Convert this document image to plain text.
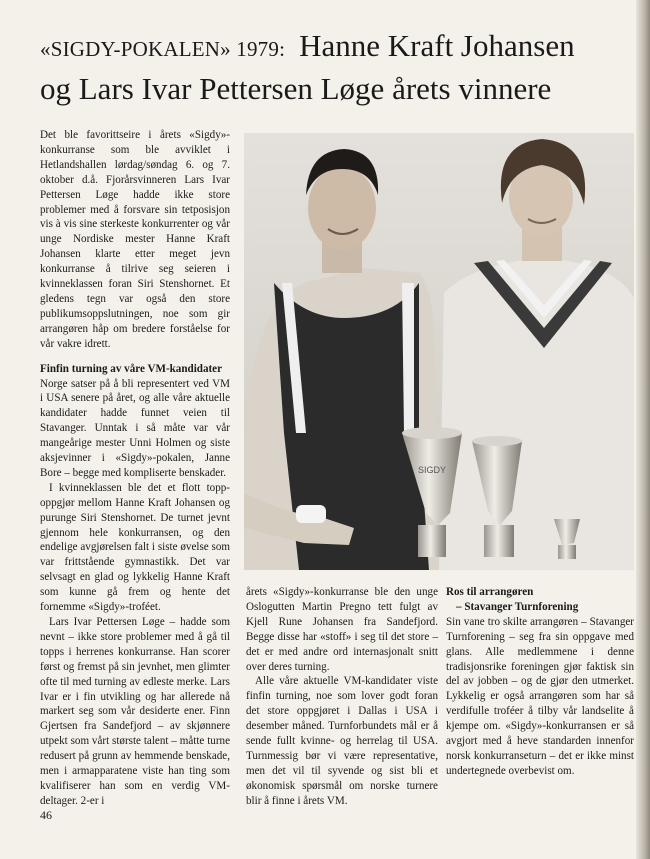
«SIGDY-POKALEN» 1979: Hanne Kraft Johansen
og Lars Ivar Pettersen Løge årets vinnere

Det ble favorittseire i årets «Sigdy»-konkurranse som ble avviklet i Hetlandshallen lørdag/søndag 6. og 7. oktober d.å. Fjorårsvinneren Lars Ivar Pettersen Løge hadde ikke store problemer med å forsvare sin tetposisjon vis à vis sine sterkeste konkurrenter og vår unge Nordiske mester Hanne Kraft Johansen klarte etter meget jevn konkurranse å tilrive seg seieren i kvinneklassen foran Siri Stenshornet. Et gledens tegn var også den store publikumsoppslutningen, noe som gir arrangøren håp om bredere forståelse for vår vakre idrett.

Finfin turning av våre VM-kandidater

Norge satser på å bli representert ved VM i USA senere på året, og alle våre aktuelle kandidater hadde funnet veien til Stavanger. Unntak i så måte var vår mangeårige mester Unni Holmen og siste aksjevinner i «Sigdy»-pokalen, Janne Bore – begge med kompliserte benskader.

I kvinneklassen ble det et flott toppoppgjør mellom Hanne Kraft Johansen og purunge Siri Stenshornet. De turnet jevnt gjennom hele konkurransen, og den endelige avgjørelsen falt i siste øvelse som var frittstående gymnastikk. Det var selvsagt en glad og lykkelig Hanne Kraft som kunne gå frem og hente det fornemme «Sigdy»-troféet.

Lars Ivar Pettersen Løge – hadde som nevnt – ikke store problemer med å gå til topps i herrenes konkurranse. Han scorer først og fremst på sin jevnhet, men glimter ofte til med turning av edleste merke. Lars Ivar er i fin utvikling og har allerede nå markert seg som vår desiderte ener. Finn Gjertsen fra Sandefjord – av skjønnere utpekt som vårt største talent – måtte turne redusert på grunn av hemmende benskade, men i armapparatene viste han ting som kvalifiserer han som en verdig VM-deltager. 2-er i

SIGDY

årets «Sigdy»-konkurranse ble den unge Oslogutten Martin Pregno tett fulgt av Kjell Rune Johansen fra Sandefjord. Begge disse har «stoff» i seg til det store – det er med andre ord internasjonalt snitt over deres turning.

Alle våre aktuelle VM-kandidater viste finfin turning, noe som lover godt foran det store oppgjøret i Dallas i USA i desember måned. Turnforbundets mål er å sende fullt kvinne- og herrelag til USA. Turnmessig bør vi være representative, men det vil til syvende og sist bli et økonomisk spørsmål om norske turnere blir å finne i årets VM.

Ros til arrangøren

– Stavanger Turnforening

Sin vane tro skilte arrangøren – Stavanger Turnforening – seg fra sin oppgave med glans. Alle medlemmene i denne tradisjonsrike foreningen gjør faktisk sin del av jobben – og de gjør den utmerket. Lykkelig er også arrangøren som har så verdifulle troféer å tilby vår landselite å kjempe om. «Sigdy»-konkurransen er så avgjort med å heve standarden innenfor norsk konkurranseturn – det er ikke minst undertegnede overbevist om.

46
